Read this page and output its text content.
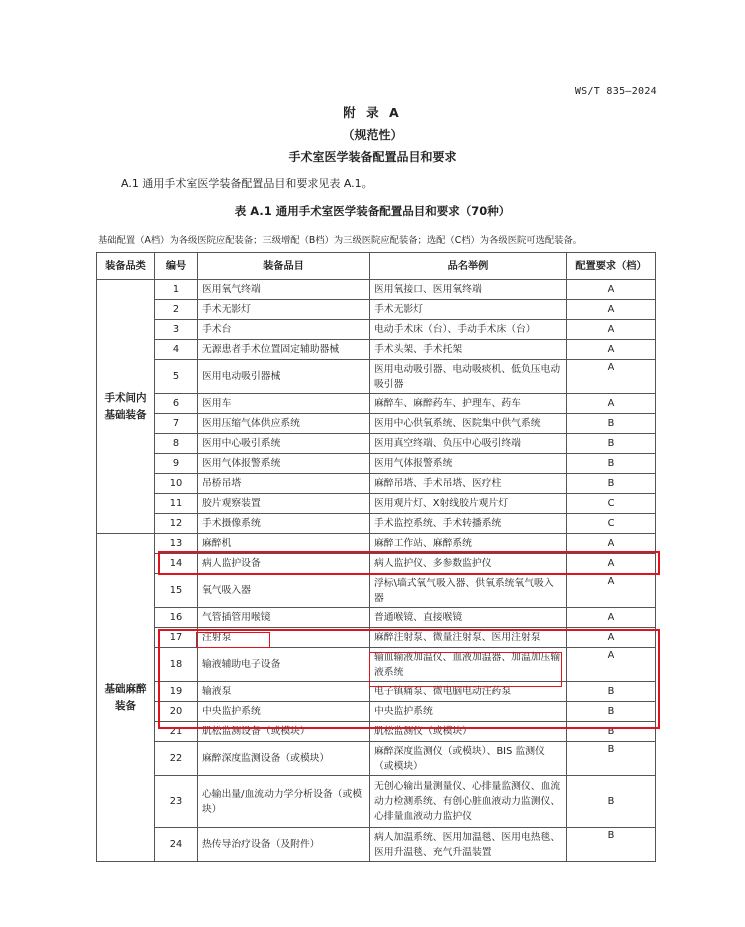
WS/T 835—2024
附 录 A
（规范性）
手术室医学装备配置品目和要求
A.1 通用手术室医学装备配置品目和要求见表 A.1。
表 A.1 通用手术室医学装备配置品目和要求（70种）
基础配置（A档）为各级医院应配装备；三级增配（B档）为三级医院应配装备；选配（C档）为各级医院可选配装备。
装备品类	编号	装备品目	品名举例	配置要求（档）
手术间内基础装备	1	医用氧气终端	医用氧接口、医用氧终端	A
	2	手术无影灯	手术无影灯	A
	3	手术台	电动手术床（台）、手动手术床（台）	A
	4	无源患者手术位置固定辅助器械	手术头架、手术托架	A
	5	医用电动吸引器械	医用电动吸引器、电动吸痰机、低负压电动吸引器	A
	6	医用车	麻醉车、麻醉药车、护理车、药车	A
	7	医用压缩气体供应系统	医用中心供氧系统、医院集中供气系统	B
	8	医用中心吸引系统	医用真空终端、负压中心吸引终端	B
	9	医用气体报警系统	医用气体报警系统	B
	10	吊桥吊塔	麻醉吊塔、手术吊塔、医疗柱	B
	11	胶片观察装置	医用观片灯、X射线胶片观片灯	C
	12	手术摄像系统	手术监控系统、手术转播系统	C
基础麻醉装备	13	麻醉机	麻醉工作站、麻醉系统	A
	14	病人监护设备	病人监护仪、多参数监护仪	A
	15	氧气吸入器	浮标\墙式氧气吸入器、供氧系统氧气吸入器	A
	16	气管插管用喉镜	普通喉镜、直接喉镜	A
	17	注射泵	麻醉注射泵、微量注射泵、医用注射泵	A
	18	输液辅助电子设备	输血输液加温仪、血液加温器、加温加压输液系统	A
	19	输液泵	电子镇痛泵、微电脑电动注药泵	B
	20	中央监护系统	中央监护系统	B
	21	肌松监测设备（或模块）	肌松监测仪（或模块）	B
	22	麻醉深度监测设备（或模块）	麻醉深度监测仪（或模块）、BIS 监测仪（或模块）	B
	23	心输出量/血流动力学分析设备（或模块）	无创心输出量测量仪、心排量监测仪、血流动力检测系统、有创心脏血液动力监测仪、心排量血液动力监护仪	B
	24	热传导治疗设备（及附件）	病人加温系统、医用加温毯、医用电热毯、医用升温毯、充气升温装置	B
